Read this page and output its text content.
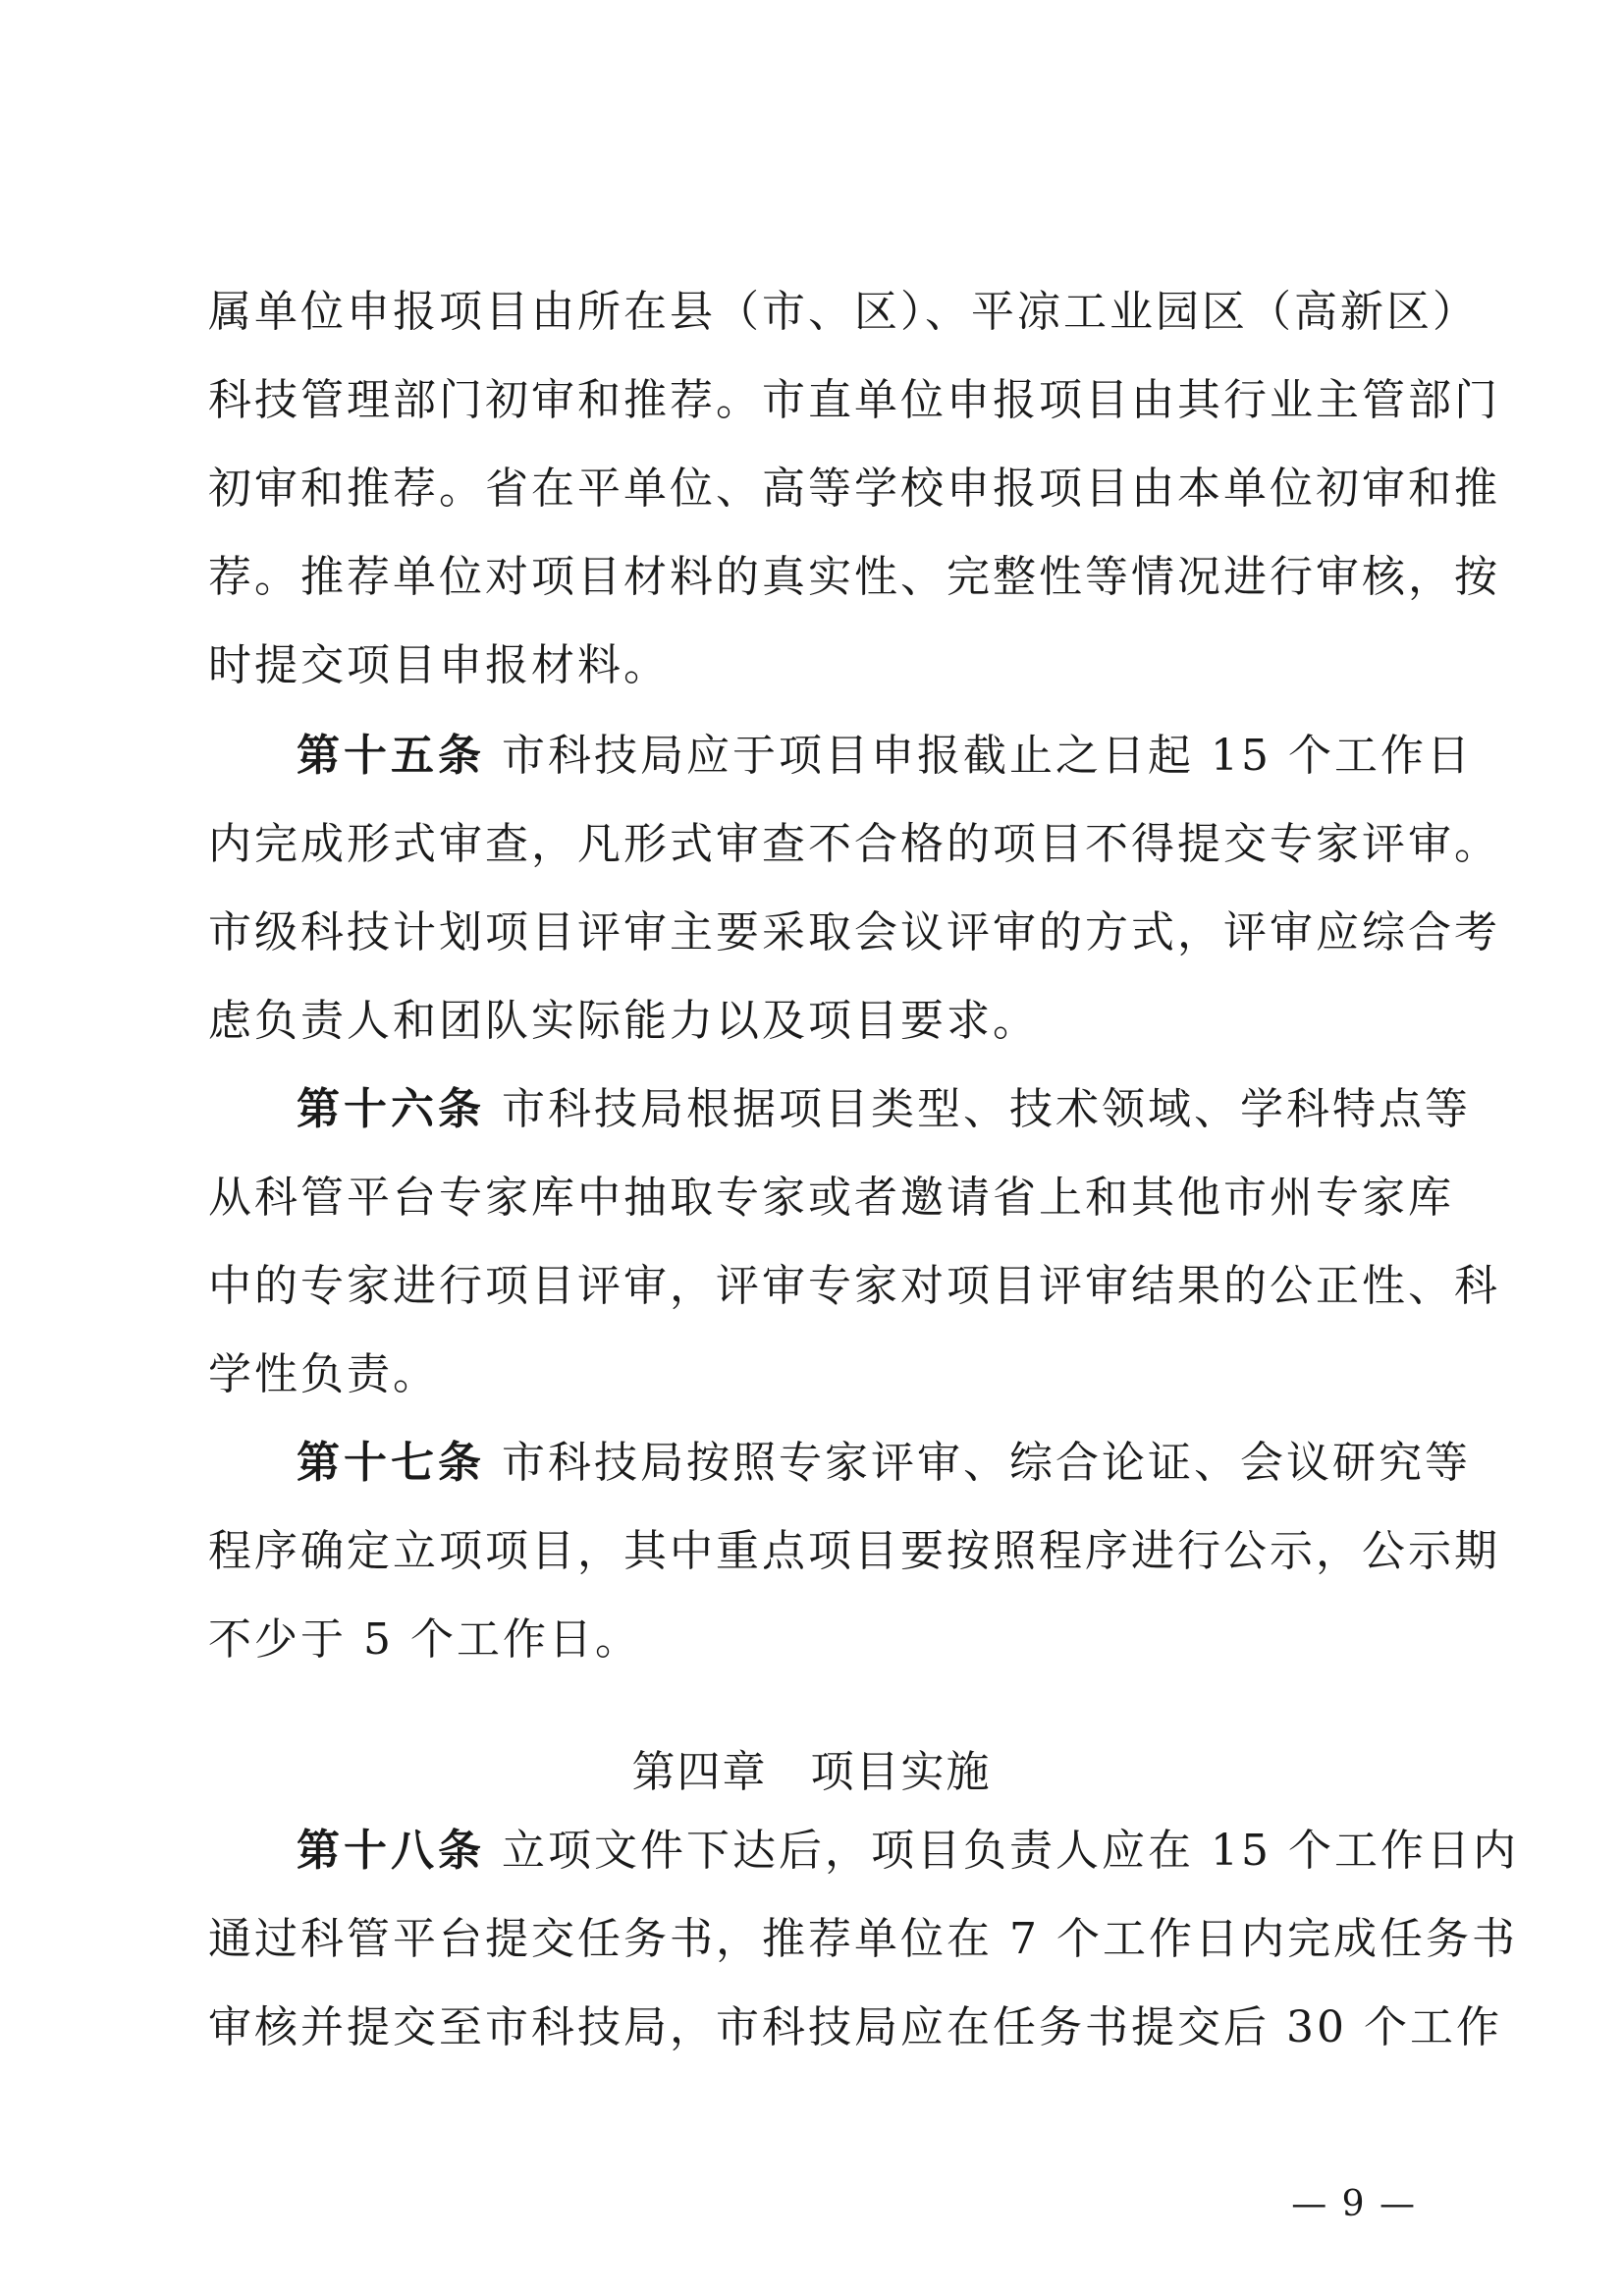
属单位申报项目由所在县（市、区）、平凉工业园区（高新区）
科技管理部门初审和推荐。市直单位申报项目由其行业主管部门
初审和推荐。省在平单位、高等学校申报项目由本单位初审和推
荐。推荐单位对项目材料的真实性、完整性等情况进行审核，按
时提交项目申报材料。
第十五条 市科技局应于项目申报截止之日起 15 个工作日
内完成形式审查，凡形式审查不合格的项目不得提交专家评审。
市级科技计划项目评审主要采取会议评审的方式，评审应综合考
虑负责人和团队实际能力以及项目要求。
第十六条 市科技局根据项目类型、技术领域、学科特点等
从科管平台专家库中抽取专家或者邀请省上和其他市州专家库
中的专家进行项目评审，评审专家对项目评审结果的公正性、科
学性负责。
第十七条 市科技局按照专家评审、综合论证、会议研究等
程序确定立项项目，其中重点项目要按照程序进行公示，公示期
不少于 5 个工作日。
第四章 项目实施
第十八条 立项文件下达后，项目负责人应在 15 个工作日内
通过科管平台提交任务书，推荐单位在 7 个工作日内完成任务书
审核并提交至市科技局，市科技局应在任务书提交后 30 个工作
— 9 —
